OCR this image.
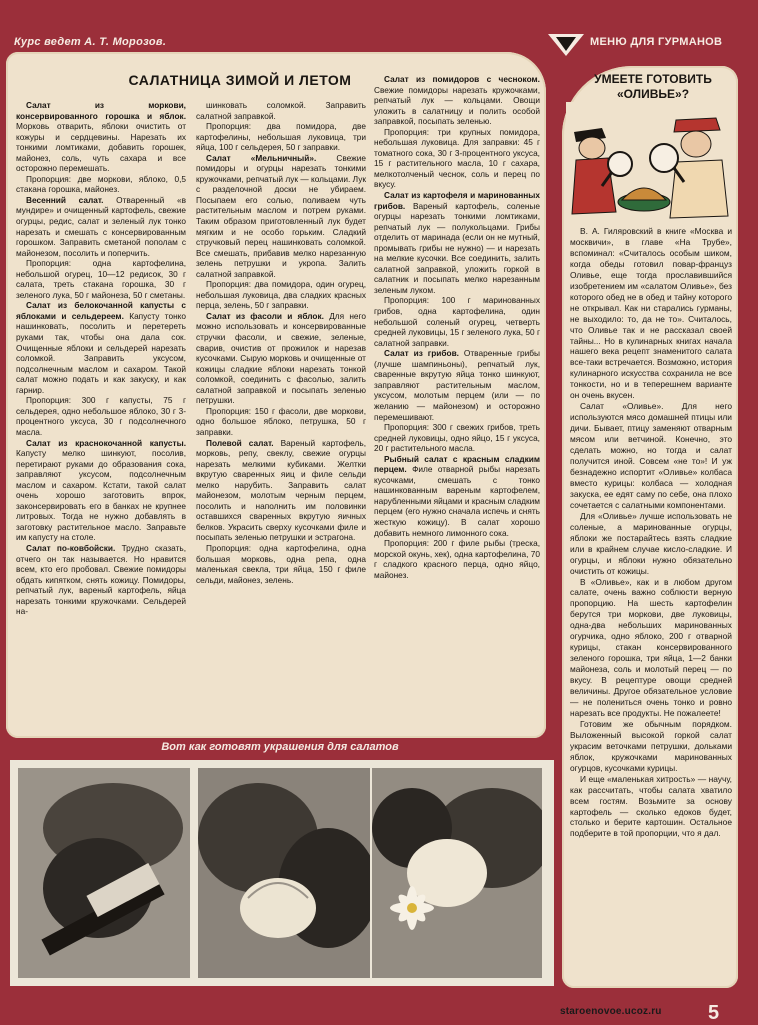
Курс ведет А. Т. Морозов.	МЕНЮ ДЛЯ ГУРМАНОВ
САЛАТНИЦА ЗИМОЙ И ЛЕТОМ

Салат из моркови, консервированного горошка и яблок. Морковь отварить, яблоки очистить от кожуры и сердцевины. Нарезать их тонкими ломтиками, добавить горошек, майонез, соль, чуть сахара и все осторожно перемешать.

Пропорция: две моркови, яблоко, 0,5 стакана горошка, майонез.

Весенний салат. Отваренный «в мундире» и очищенный картофель, свежие огурцы, редис, салат и зеленый лук тонко нарезать и смешать с консервированным горошком. Заправить сметаной пополам с майонезом, посолить и поперчить.

Пропорция: одна картофелина, небольшой огурец, 10—12 редисок, 30 г салата, треть стакана горошка, 30 г зеленого лука, 50 г майонеза, 50 г сметаны.

Салат из белокочанной капусты с яблоками и сельдереем. Капусту тонко нашинковать, посолить и перетереть руками так, чтобы она дала сок. Очищенные яблоки и сельдерей нарезать соломкой. Заправить уксусом, подсолнечным маслом и сахаром. Такой салат можно подать и как закуску, и как гарнир.

Пропорция: 300 г капусты, 75 г сельдерея, одно небольшое яблоко, 30 г 3-процентного уксуса, 30 г подсолнечного масла.

Салат из краснокочанной капусты. Капусту мелко шинкуют, посолив, перетирают руками до образования сока, заправляют уксусом, подсолнечным маслом и сахаром. Кстати, такой салат очень хорошо заготовить впрок, законсервировать его в банках не крупнее литровых. Тогда не нужно добавлять в заготовку растительное масло. Заправьте им капусту на столе.

Салат по-ковбойски. Трудно сказать, отчего он так называется. Но нравится всем, кто его пробовал. Свежие помидоры обдать кипятком, снять кожицу. Помидоры, репчатый лук, вареный картофель, яйца нарезать тонкими кружочками. Сельдерей на-

шинковать соломкой. Заправить салатной заправкой.

Пропорция: два помидора, две картофелины, небольшая луковица, три яйца, 100 г сельдерея, 50 г заправки.

Салат «Мельничный». Свежие помидоры и огурцы нарезать тонкими кружочками, репчатый лук — кольцами. Лук с разделочной доски не убираем. Посыпаем его солью, поливаем чуть растительным маслом и потрем руками. Таким образом приготовленный лук будет мягким и не особо горьким. Сладкий стручковый перец нашинковать соломкой. Все смешать, прибавив мелко нарезанную зелень петрушки и укропа. Залить салатной заправкой.

Пропорция: два помидора, один огурец, небольшая луковица, два сладких красных перца, зелень, 50 г заправки.

Салат из фасоли и яблок. Для него можно использовать и консервированные стручки фасоли, и свежие, зеленые, сварив, очистив от прожилок и нарезав кусочками. Сырую морковь и очищенные от кожицы сладкие яблоки нарезать тонкой соломкой, соединить с фасолью, залить салатной заправкой и посыпать зеленью петрушки.

Пропорция: 150 г фасоли, две моркови, одно большое яблоко, петрушка, 50 г заправки.

Полевой салат. Вареный картофель, морковь, репу, свеклу, свежие огурцы нарезать мелкими кубиками. Желтки вкрутую сваренных яиц и филе сельди мелко нарубить. Заправить салат майонезом, молотым черным перцем, посолить и наполнить им половинки оставшихся сваренных вкрутую яичных белков. Украсить сверху кусочками филе и посыпать зеленью петрушки и эстрагона.

Пропорция: одна картофелина, одна большая морковь, одна репа, одна маленькая свекла, три яйца, 150 г филе сельди, майонез, зелень.

Салат из помидоров с чесноком. Свежие помидоры нарезать кружочками, репчатый лук — кольцами. Овощи уложить в салатницу и полить особой заправкой, посыпать зеленью.

Пропорция: три крупных помидора, небольшая луковица. Для заправки: 45 г томатного сока, 30 г 3-процентного уксуса, 15 г растительного масла, 10 г сахара, мелкотолченый чеснок, соль и перец по вкусу.

Салат из картофеля и маринованных грибов. Вареный картофель, соленые огурцы нарезать тонкими ломтиками, репчатый лук — полукольцами. Грибы отделить от маринада (если он не мутный, промывать грибы не нужно) — и нарезать на мелкие кусочки. Все соединить, залить салатной заправкой, уложить горкой в салатник и посыпать мелко нарезанным зеленым луком.

Пропорция: 100 г маринованных грибов, одна картофелина, один небольшой соленый огурец, четверть средней луковицы, 15 г зеленого лука, 50 г салатной заправки.

Салат из грибов. Отваренные грибы (лучше шампиньоны), репчатый лук, сваренные вкрутую яйца тонко шинкуют, заправляют растительным маслом, уксусом, молотым перцем (или — по желанию — майонезом) и осторожно перемешивают.

Пропорция: 300 г свежих грибов, треть средней луковицы, одно яйцо, 15 г уксуса, 20 г растительного масла.

Рыбный салат с красным сладким перцем. Филе отварной рыбы нарезать кусочками, смешать с тонко нашинкованным вареным картофелем, нарубленными яйцами и красным сладким перцем (его нужно сначала испечь и снять жесткую кожицу). В салат хорошо добавить немного лимонного сока.

Пропорция: 200 г филе рыбы (треска, морской окунь, хек), одна картофелина, 70 г сладкого красного перца, одно яйцо, майонез.

УМЕЕТЕ ГОТОВИТЬ
«ОЛИВЬЕ»?

В. А. Гиляровский в книге «Москва и москвичи», в главе «На Трубе», вспоминал: «Считалось особым шиком, когда обеды готовил повар-француз Оливье, еще тогда прославившийся изобретением им «салатом Оливье», без которого обед не в обед и тайну которого не открывал. Как ни старались гурманы, не выходило: то, да не то». Считалось, что Оливье так и не рассказал своей тайны... Но в кулинарных книгах начала нашего века рецепт знаменитого салата все-таки встречается. Возможно, история кулинарного искусства сохранила не все тонкости, но и в теперешнем варианте он очень вкусен.

Салат «Оливье». Для него используются мясо домашней птицы или дичи. Бывает, птицу заменяют отварным мясом или ветчиной. Конечно, это сделать можно, но тогда и салат получится иной. Совсем «не то»! И уж безнадежно испортит «Оливье» колбаса вместо курицы: колбаса — холодная закуска, ее едят саму по себе, она плохо сочетается с салатными компонентами.

Для «Оливье» лучше использовать не соленые, а маринованные огурцы, яблоки же постарайтесь взять сладкие или в крайнем случае кисло-сладкие. И огурцы, и яблоки нужно обязательно очистить от кожицы.

В «Оливье», как и в любом другом салате, очень важно соблюсти верную пропорцию. На шесть картофелин берутся три моркови, две луковицы, одна-два небольших маринованных огурчика, одно яблоко, 200 г отварной курицы, стакан консервированного зеленого горошка, три яйца, 1—2 банки майонеза, соль и молотый перец — по вкусу. В рецептуре овощи средней величины. Другое обязательное условие — не полениться очень тонко и ровно нарезать все продукты. Не пожалеете!

Готовим же обычным порядком. Выложенный высокой горкой салат украсим веточками петрушки, дольками яблок, кружочками маринованных огурцов, кусочками курицы.

И еще «маленькая хитрость» — научу, как рассчитать, чтобы салата хватило всем гостям. Возьмите за основу картофель — сколько едоков будет, столько и берите картошин. Остальное подберите в той пропорции, что я дал.

Вот как готовят украшения для салатов
staroenovoe.ucoz.ru 5
